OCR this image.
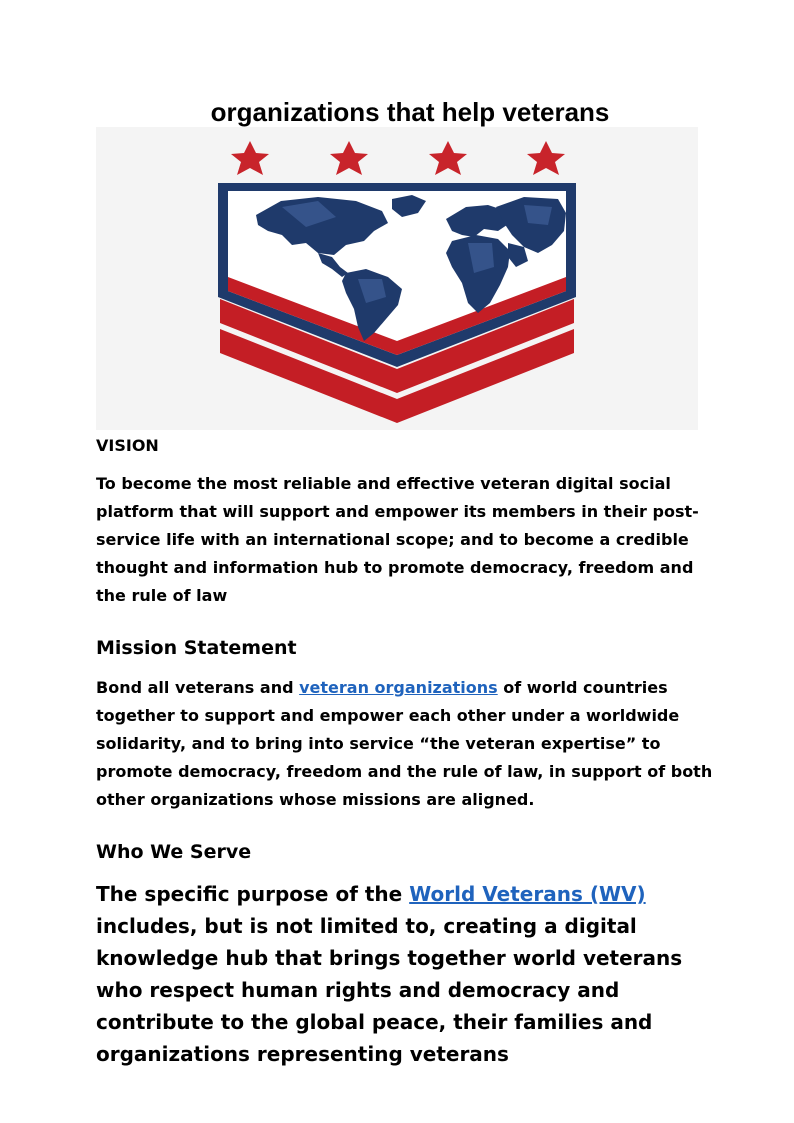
organizations that help veterans
VISION

To become the most reliable and effective veteran digital social platform that will support and empower its members in their post-service life with an international scope; and to become a credible thought and information hub to promote democracy, freedom and the rule of law

Mission Statement

Bond all veterans and veteran organizations of world countries together to support and empower each other under a worldwide solidarity, and to bring into service “the veteran expertise” to promote democracy, freedom and the rule of law, in support of both other organizations whose missions are aligned.

Who We Serve

The specific purpose of the World Veterans (WV) includes, but is not limited to, creating a digital knowledge hub that brings together world veterans who respect human rights and democracy and contribute to the global peace, their families and organizations representing veterans
